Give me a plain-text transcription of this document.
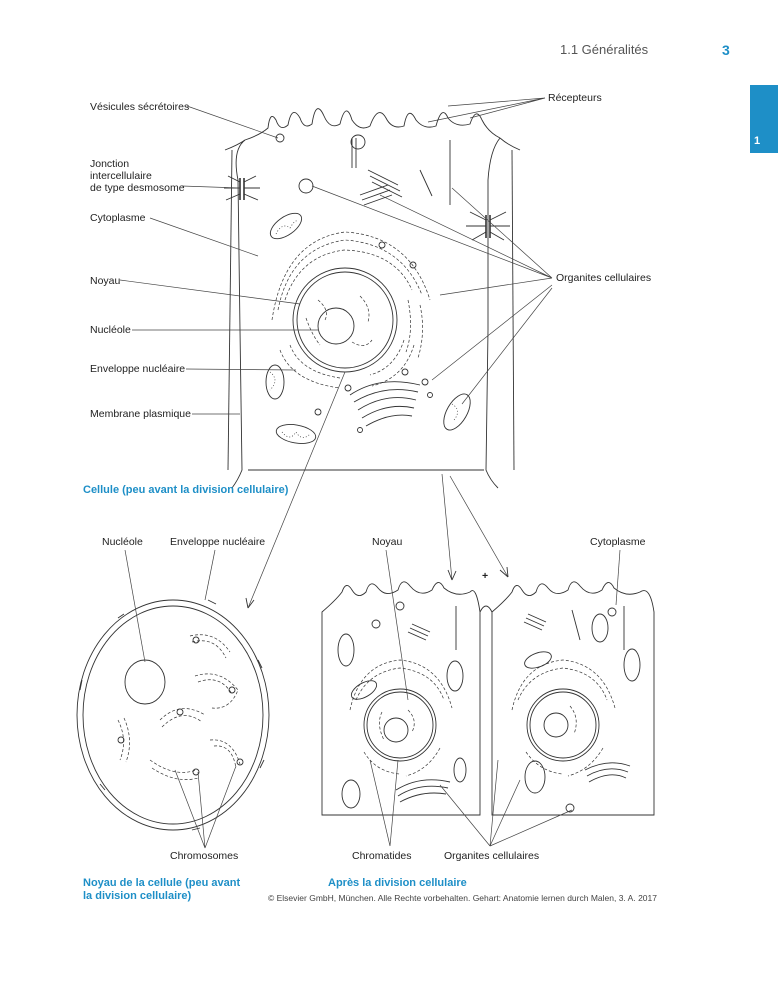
1.1 Généralités	3
1
Vésicules sécrétoires
Jonction
intercellulaire
de type desmosome
Cytoplasme
Noyau
Nucléole
Enveloppe nucléaire
Membrane plasmique
Récepteurs
Organites cellulaires
Cellule (peu avant la division cellulaire)
Nucléole	Enveloppe nucléaire
Chromosomes
Noyau de la cellule (peu avant
la division cellulaire)
Noyau	Cytoplasme
+
Chromatides	Organites cellulaires
Après la division cellulaire
© Elsevier GmbH, München. Alle Rechte vorbehalten. Gehart: Anatomie lernen durch Malen, 3. A. 2017
